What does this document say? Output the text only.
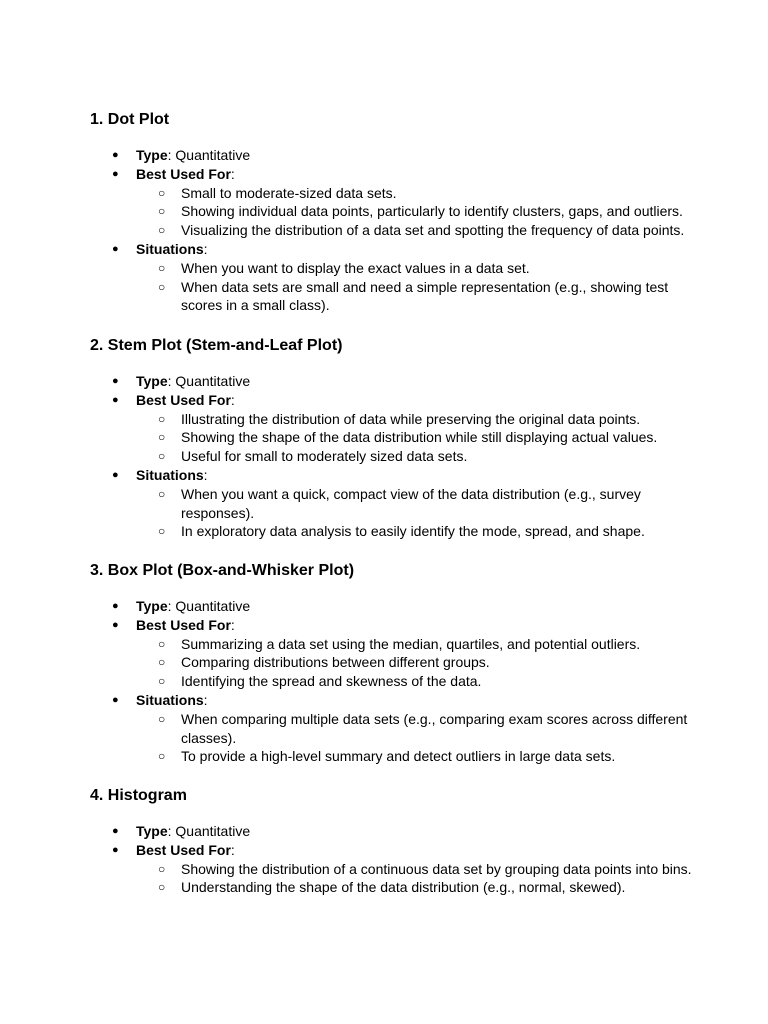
1. Dot Plot
● Type: Quantitative
● Best Used For:
○ Small to moderate-sized data sets.
○ Showing individual data points, particularly to identify clusters, gaps, and outliers.
○ Visualizing the distribution of a data set and spotting the frequency of data points.
● Situations:
○ When you want to display the exact values in a data set.
○ When data sets are small and need a simple representation (e.g., showing test scores in a small class).
2. Stem Plot (Stem-and-Leaf Plot)
● Type: Quantitative
● Best Used For:
○ Illustrating the distribution of data while preserving the original data points.
○ Showing the shape of the data distribution while still displaying actual values.
○ Useful for small to moderately sized data sets.
● Situations:
○ When you want a quick, compact view of the data distribution (e.g., survey responses).
○ In exploratory data analysis to easily identify the mode, spread, and shape.
3. Box Plot (Box-and-Whisker Plot)
● Type: Quantitative
● Best Used For:
○ Summarizing a data set using the median, quartiles, and potential outliers.
○ Comparing distributions between different groups.
○ Identifying the spread and skewness of the data.
● Situations:
○ When comparing multiple data sets (e.g., comparing exam scores across different classes).
○ To provide a high-level summary and detect outliers in large data sets.
4. Histogram
● Type: Quantitative
● Best Used For:
○ Showing the distribution of a continuous data set by grouping data points into bins.
○ Understanding the shape of the data distribution (e.g., normal, skewed).
